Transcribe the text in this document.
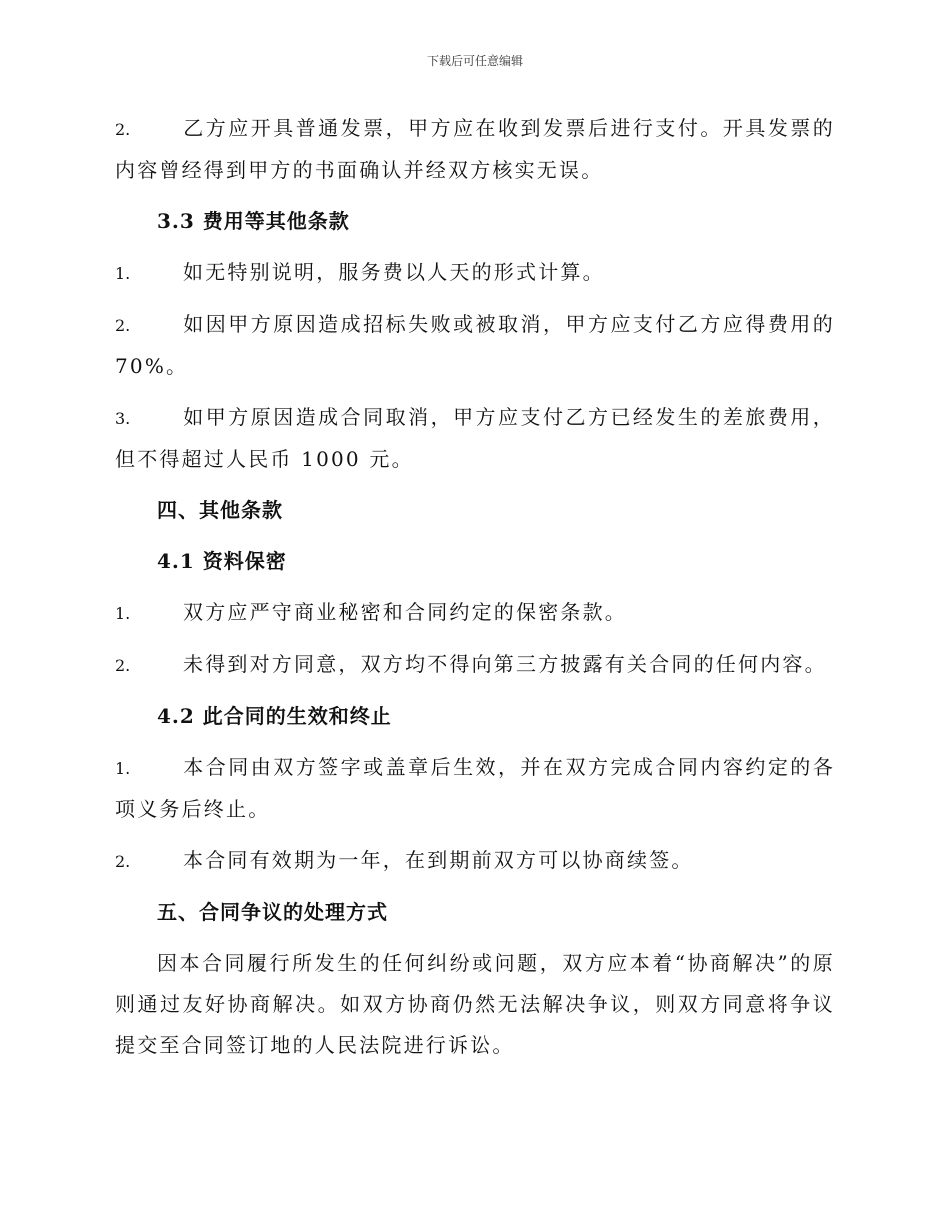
下载后可任意编辑

2.	乙方应开具普通发票，甲方应在收到发票后进行支付。开具发票的内容曾经得到甲方的书面确认并经双方核实无误。

3.3 费用等其他条款

1.	如无特别说明，服务费以人天的形式计算。

2.	如因甲方原因造成招标失败或被取消，甲方应支付乙方应得费用的 70%。

3.	如甲方原因造成合同取消，甲方应支付乙方已经发生的差旅费用，但不得超过人民币 1000 元。

四、其他条款
4.1 资料保密

1.	双方应严守商业秘密和合同约定的保密条款。

2.	未得到对方同意，双方均不得向第三方披露有关合同的任何内容。

4.2 此合同的生效和终止

1.	本合同由双方签字或盖章后生效，并在双方完成合同内容约定的各项义务后终止。

2.	本合同有效期为一年，在到期前双方可以协商续签。

五、合同争议的处理方式

因本合同履行所发生的任何纠纷或问题，双方应本着“协商解决”的原则通过友好协商解决。如双方协商仍然无法解决争议，则双方同意将争议提交至合同签订地的人民法院进行诉讼。
